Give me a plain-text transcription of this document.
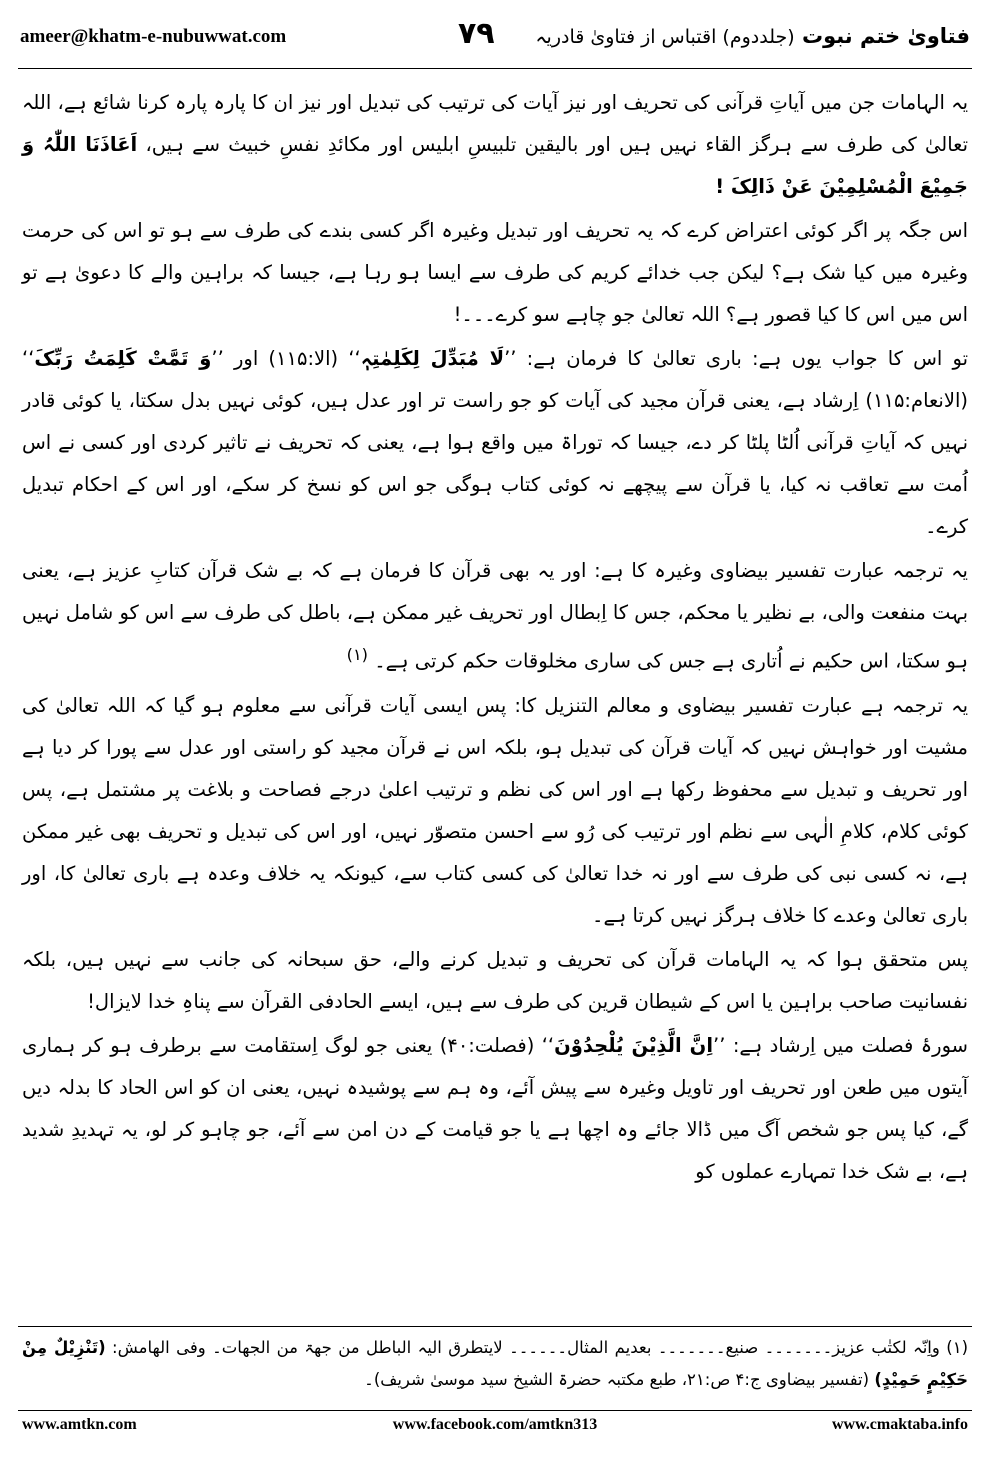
ameer@khatm-e-nubuwwat.com	۷۹	فتاویٰ ختم نبوت (جلددوم) اقتباس از فتاویٰ قادریہ

یہ الہامات جن میں آیاتِ قرآنی کی تحریف اور نیز آیات کی ترتیب کی تبدیل اور نیز ان کا پارہ پارہ کرنا شائع ہے، اللہ تعالیٰ کی طرف سے ہرگز القاء نہیں ہیں اور بالیقین تلبیسِ ابلیس اور مکائدِ نفسِ خبیث سے ہیں، اَعَاذَنَا اللّٰہُ وَ جَمِیْعَ الْمُسْلِمِیْنَ عَنْ ذَالِکَ !

اس جگہ پر اگر کوئی اعتراض کرے کہ یہ تحریف اور تبدیل وغیرہ اگر کسی بندے کی طرف سے ہو تو اس کی حرمت وغیرہ میں کیا شک ہے؟ لیکن جب خدائے کریم کی طرف سے ایسا ہو رہا ہے، جیسا کہ براہین والے کا دعویٰ ہے تو اس میں اس کا کیا قصور ہے؟ اللہ تعالیٰ جو چاہے سو کرے۔۔۔!

تو اس کا جواب یوں ہے: باری تعالیٰ کا فرمان ہے: ’’لَا مُبَدِّلَ لِکَلِمٰتِہٖ‘‘ (الا:۱۱۵) اور ’’وَ تَمَّتْ کَلِمَتُ رَبِّکَ‘‘ (الانعام:۱۱۵) اِرشاد ہے، یعنی قرآن مجید کی آیات کو جو راست تر اور عدل ہیں، کوئی نہیں بدل سکتا، یا کوئی قادر نہیں کہ آیاتِ قرآنی اُلٹا پلٹا کر دے، جیسا کہ توراۃ میں واقع ہوا ہے، یعنی کہ تحریف نے تاثیر کردی اور کسی نے اس اُمت سے تعاقب نہ کیا، یا قرآن سے پیچھے نہ کوئی کتاب ہوگی جو اس کو نسخ کر سکے، اور اس کے احکام تبدیل کرے۔

یہ ترجمہ عبارت تفسیر بیضاوی وغیرہ کا ہے: اور یہ بھی قرآن کا فرمان ہے کہ بے شک قرآن کتابِ عزیز ہے، یعنی بہت منفعت والی، بے نظیر یا محکم، جس کا اِبطال اور تحریف غیر ممکن ہے، باطل کی طرف سے اس کو شامل نہیں ہو سکتا، اس حکیم نے اُتاری ہے جس کی ساری مخلوقات حکم کرتی ہے۔ $^{(۱)}$

یہ ترجمہ ہے عبارت تفسیر بیضاوی و معالم التنزیل کا: پس ایسی آیات قرآنی سے معلوم ہو گیا کہ اللہ تعالیٰ کی مشیت اور خواہش نہیں کہ آیات قرآن کی تبدیل ہو، بلکہ اس نے قرآن مجید کو راستی اور عدل سے پورا کر دیا ہے اور تحریف و تبدیل سے محفوظ رکھا ہے اور اس کی نظم و ترتیب اعلیٰ درجے فصاحت و بلاغت پر مشتمل ہے، پس کوئی کلام، کلامِ الٰہی سے نظم اور ترتیب کی رُو سے احسن متصوّر نہیں، اور اس کی تبدیل و تحریف بھی غیر ممکن ہے، نہ کسی نبی کی طرف سے اور نہ خدا تعالیٰ کی کسی کتاب سے، کیونکہ یہ خلاف وعدہ ہے باری تعالیٰ کا، اور باری تعالیٰ وعدے کا خلاف ہرگز نہیں کرتا ہے۔

پس متحقق ہوا کہ یہ الہامات قرآن کی تحریف و تبدیل کرنے والے، حق سبحانہ کی جانب سے نہیں ہیں، بلکہ نفسانیت صاحب براہین یا اس کے شیطان قرین کی طرف سے ہیں، ایسے الحادفی القرآن سے پناہِ خدا لایزال!

سورۂ فصلت میں اِرشاد ہے: ’’اِنَّ الَّذِیْنَ یُلْحِدُوْنَ‘‘ (فصلت:۴۰) یعنی جو لوگ اِستقامت سے برطرف ہو کر ہماری آیتوں میں طعن اور تحریف اور تاویل وغیرہ سے پیش آئے، وہ ہم سے پوشیدہ نہیں، یعنی ان کو اس الحاد کا بدلہ دیں گے، کیا پس جو شخص آگ میں ڈالا جائے وہ اچھا ہے یا جو قیامت کے دن امن سے آئے، جو چاہو کر لو، یہ تہدیدِ شدید ہے، بے شک خدا تمہارے عملوں کو

(۱) واِنّہ لکتٰب عزیز۔۔۔۔۔۔۔ صنیع۔۔۔۔۔۔۔ بعدیم المثال۔۔۔۔۔۔ لایتطرق الیہ الباطل من جھۃ من الجھات۔ وفی الھامش: (تَنْزِیْلٌ مِنْ حَکِیْمٍ حَمِیْدٍ) (تفسیر بیضاوی ج:۴ ص:۲۱، طبع مکتبہ حضرۃ الشیخ سید موسیٰ شریف)۔
www.amtkn.com	www.facebook.com/amtkn313	www.cmaktaba.info
